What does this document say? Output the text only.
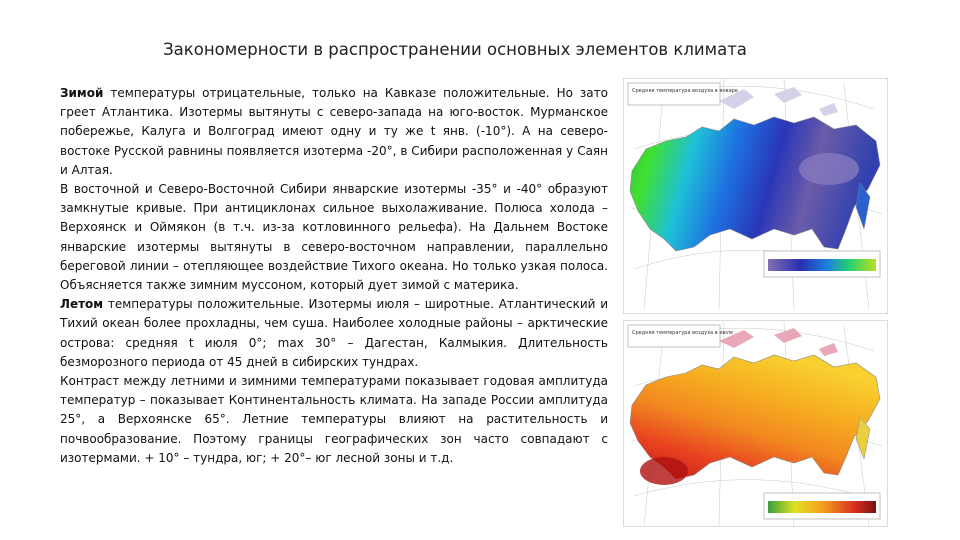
Закономерности в распространении основных элементов климата

Зимой температуры отрицательные, только на Кавказе положительные. Но зато греет Атлантика. Изотермы вытянуты с северо-запада на юго-восток. Мурманское побережье, Калуга и Волгоград имеют одну и ту же t янв. (-10°). А на северо-востоке Русской равнины появляется изотерма -20°, в Сибири расположенная у Саян и Алтая.

В восточной и Северо-Восточной Сибири январские изотермы -35° и -40° образуют замкнутые кривые. При антициклонах сильное выхолаживание. Полюса холода – Верхоянск и Оймякон (в т.ч. из-за котловинного рельефа). На Дальнем Востоке январские изотермы вытянуты в северо-восточном направлении, параллельно береговой линии – отепляющее воздействие Тихого океана. Но только узкая полоса. Объясняется также зимним муссоном, который дует зимой с материка.

Летом температуры положительные. Изотермы июля – широтные. Атлантический и Тихий океан более прохладны, чем суша. Наиболее холодные районы – арктические острова: средняя t июля 0°; max 30° – Дагестан, Калмыкия. Длительность безморозного периода от 45 дней в сибирских тундрах.

Контраст между летними и зимними температурами показывает годовая амплитуда температур – показывает Континентальность климата. На западе России амплитуда 25°, а Верхоянске 65°. Летние температуры влияют на растительность и почвообразование. Поэтому границы географических зон часто совпадают с изотермами. + 10° – тундра, юг; + 20°– юг лесной зоны и т.д.

Средняя температура воздуха в январе
Средняя температура воздуха в июле
